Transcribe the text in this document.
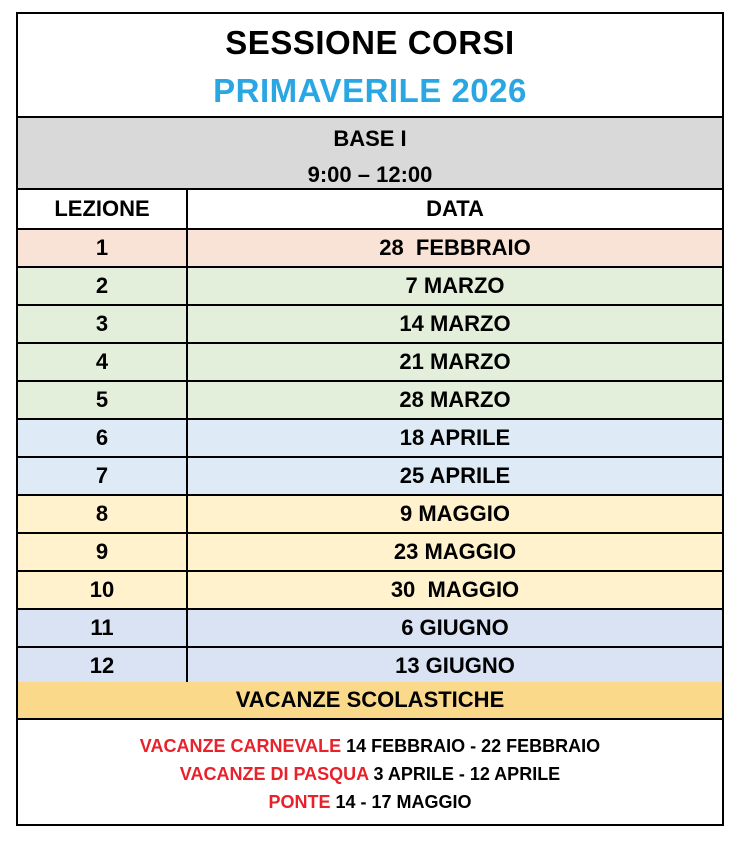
SESSIONE CORSI
PRIMAVERILE 2026
BASE I
9:00 – 12:00
LEZIONE	DATA
1	28  FEBBRAIO
2	7 MARZO
3	14 MARZO
4	21 MARZO
5	28 MARZO
6	18 APRILE
7	25 APRILE
8	9 MAGGIO
9	23 MAGGIO
10	30  MAGGIO
11	6 GIUGNO
12	13 GIUGNO
VACANZE SCOLASTICHE
VACANZE CARNEVALE 14 FEBBRAIO - 22 FEBBRAIO
VACANZE DI PASQUA 3 APRILE - 12 APRILE
PONTE 14 - 17 MAGGIO
